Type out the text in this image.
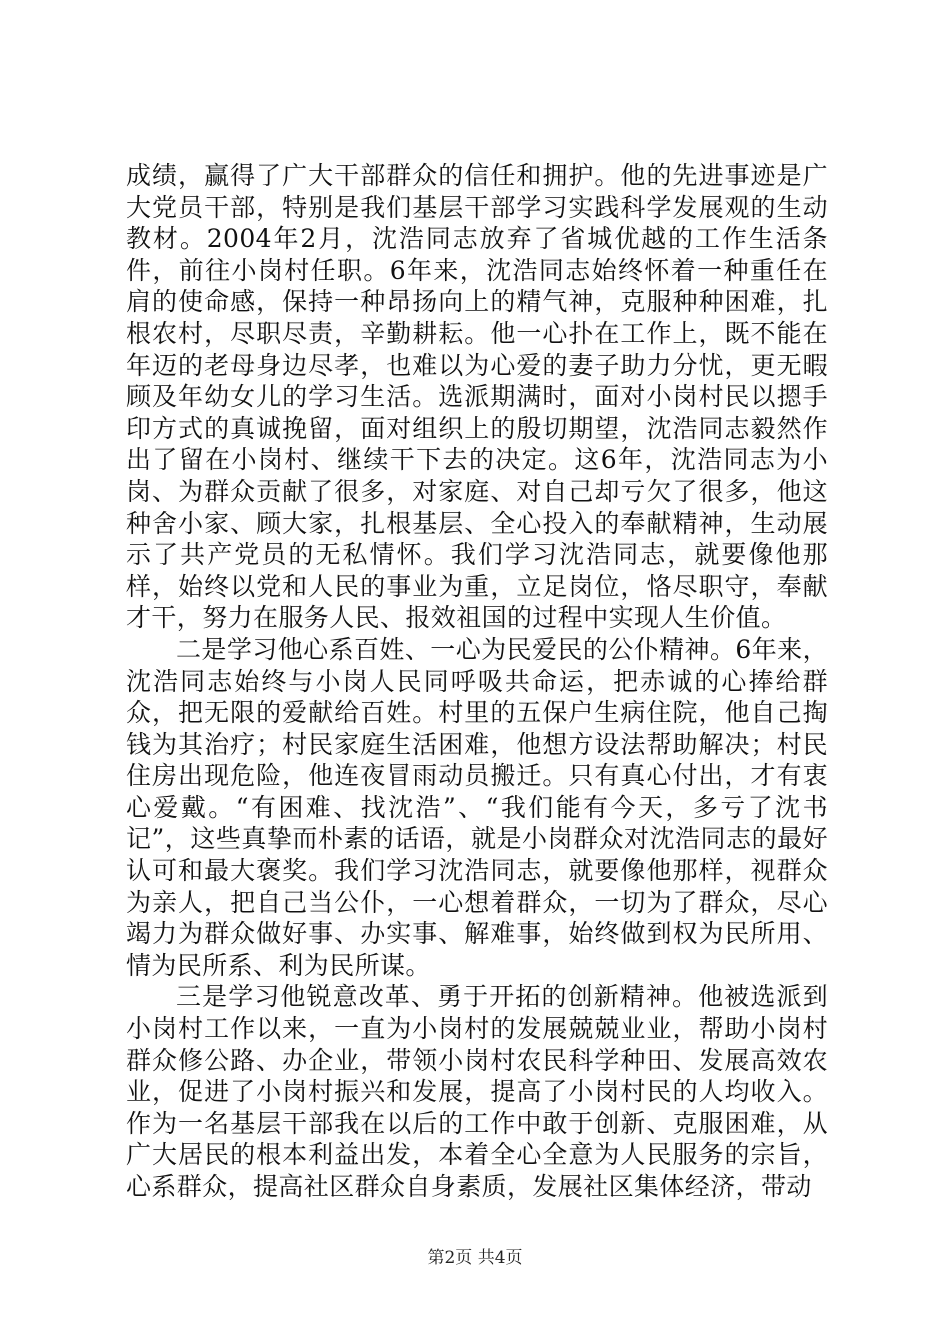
成绩，赢得了广大干部群众的信任和拥护。他的先进事迹是广大党员干部，特别是我们基层干部学习实践科学发展观的生动教材。2004年2月，沈浩同志放弃了省城优越的工作生活条件，前往小岗村任职。6年来，沈浩同志始终怀着一种重任在肩的使命感，保持一种昂扬向上的精气神，克服种种困难，扎根农村，尽职尽责，辛勤耕耘。他一心扑在工作上，既不能在年迈的老母身边尽孝，也难以为心爱的妻子助力分忧，更无暇顾及年幼女儿的学习生活。选派期满时，面对小岗村民以摁手印方式的真诚挽留，面对组织上的殷切期望，沈浩同志毅然作出了留在小岗村、继续干下去的决定。这6年，沈浩同志为小岗、为群众贡献了很多，对家庭、对自己却亏欠了很多，他这种舍小家、顾大家，扎根基层、全心投入的奉献精神，生动展示了共产党员的无私情怀。我们学习沈浩同志，就要像他那样，始终以党和人民的事业为重，立足岗位，恪尽职守，奉献才干，努力在服务人民、报效祖国的过程中实现人生价值。

二是学习他心系百姓、一心为民爱民的公仆精神。6年来，沈浩同志始终与小岗人民同呼吸共命运，把赤诚的心捧给群众，把无限的爱献给百姓。村里的五保户生病住院，他自己掏钱为其治疗；村民家庭生活困难，他想方设法帮助解决；村民住房出现危险，他连夜冒雨动员搬迁。只有真心付出，才有衷心爱戴。“有困难、找沈浩”、“我们能有今天，多亏了沈书记”，这些真挚而朴素的话语，就是小岗群众对沈浩同志的最好认可和最大褒奖。我们学习沈浩同志，就要像他那样，视群众为亲人，把自己当公仆，一心想着群众，一切为了群众，尽心竭力为群众做好事、办实事、解难事，始终做到权为民所用、情为民所系、利为民所谋。

三是学习他锐意改革、勇于开拓的创新精神。他被选派到小岗村工作以来，一直为小岗村的发展兢兢业业，帮助小岗村群众修公路、办企业，带领小岗村农民科学种田、发展高效农业，促进了小岗村振兴和发展，提高了小岗村民的人均收入。作为一名基层干部我在以后的工作中敢于创新、克服困难，从广大居民的根本利益出发，本着全心全意为人民服务的宗旨，心系群众，提高社区群众自身素质，发展社区集体经济，带动

第2页 共4页
